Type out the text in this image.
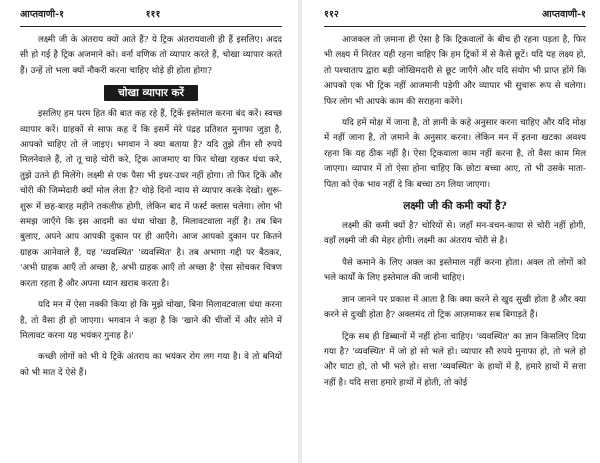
आप्तवाणी-१	१११

लक्ष्मी जी के अंतराय क्यों आते हैं? ये ट्रिक अंतरायवाली ही हैं इसलिए। अदद सी हो गई है ट्रिक अजमाने को। वर्ना वणिक तो व्यापार करते हैं, चोखा व्यापार करते हैं। उन्हें तो भला क्यों नौकरी करना चाहिए थोड़े ही होता होगा?

चोखा व्यापार करें

इसलिए हम परम हित की बात कह रहे हैं, ट्रिकें इस्तेमाल करना बंद करें। स्वच्छ व्यापार करें। ग्राहकों से साफ कह दें कि इसमें मेरे पंद्रह प्रतिशत मुनाफा जुड़ा है, आपको चाहिए तो ले जाइए। भगवान ने क्या बताया है? यदि तुझे तीन सौ रुपये मिलनेवाले हैं, तो तू चाहे चोरी करे, ट्रिक आजमाए या फिर चोखा रहकर धंधा करे, तुझे उतने ही मिलेंगे। लक्ष्मी से एक पैसा भी इधर-उधर नहीं होगा। तो फिर ट्रिकें और चोरी की जिम्मेदारी क्यों मोल लेता है? थोड़े दिनों न्याय से व्यापार करके देखो। शुरू-शुरू में छह-बारह महीने तकलीफ होगी, लेकिन बाद में फर्स्ट क्लास चलेगा। लोग भी समझ जाएँगे कि इस आदमी का धंधा चोखा है, मिलावटवाला नहीं है। तब बिन बुलाए, अपने आप आपकी दुकान पर ही आएँगे। आज आपको दुकान पर कितने ग्राहक आनेवाले हैं, यह 'व्यवस्थित' 'व्यवस्थित' है। तब अभागा गद्दी पर बैठकर, 'अभी ग्राहक आएँ तो अच्छा है, अभी ग्राहक आएँ तो अच्छा है' ऐसा सोचकर चित्रण करता रहता है और अपना ध्यान खराब करता है।

यदि मन में ऐसा नक्की किया हो कि मुझे चोखा, बिना मिलावटवाला धंधा करना है, तो वैसा ही हो जाएगा। भगवान ने कहा है कि 'खाने की चीजों में और सोने में मिलावट करना यह भयंकर गुनाह है।'

कच्छी लोगों को भी ये ट्रिकें अंतराय का भयंकर रोग लग गया है। वे तो बनियों को भी मात दें ऐसे हैं।

११२	आप्तवाणी-१

आजकल तो ज़माना ही ऐसा है कि ट्रिकवालों के बीच ही रहना पड़ता है, फिर भी लक्ष्य में निरंतर यही रहना चाहिए कि हम ट्रिकों में से कैसे छूटें। यदि यह लक्ष्य हो, तो पश्चाताप द्वारा बड़ी जोखिमदारी से छूट जाएँगे और यदि संयोग भी प्राप्त होंगे कि आपको एक भी ट्रिक नहीं आजमानी पड़ेगी और व्यापार भी सुचारू रूप से चलेगा। फिर लोग भी आपके काम की सराहना करेंगे।

यदि हमें मोक्ष में जाना है, तो ज्ञानी के कहे अनुसार करना चाहिए और यदि मोक्ष में नहीं जाना है, तो ज़माने के अनुसार करना। लेकिन मन में इतना खटका अवश्य रहना कि यह ठीक नहीं है। ऐसा ट्रिकवाला काम नहीं करना है, तो वैसा काम मिल जाएगा। व्यापार में तो ऐसा होना चाहिए कि छोटा बच्चा आए, तो भी उसके माता-पिता को ऐक भाव नहीं दे कि बच्चा ठग लिया जाएगा।

लक्ष्मी जी की कमी क्यों है?

लक्ष्मी की कमी क्यों है? चोरियों से। जहाँ मन-वचन-काया से चोरी नहीं होगी, वहाँ लक्ष्मी जी की मेहर होगी। लक्ष्मी का अंतराय चोरी से है।

पैसे कमाने के लिए अक्ल का इस्तेमाल नहीं करना होता। अक्ल तो लोगों को भले कार्यों के लिए इस्तेमाल की जानी चाहिए।

ज्ञान जानने पर प्रकाश में आता है कि क्या करने से खुद सुखी होता है और क्या करने से दुःखी होता है? अक्लमंद तो ट्रिक आज़माकर सब बिगाड़ते हैं।

ट्रिक सब ही डिब्बानों में नहीं होना चाहिए। 'व्यवस्थित' का ज्ञान किसलिए दिया गया है? 'व्यवस्थित' में जो हो सो भले हो। व्यापार सौ रुपये मुनाफा हो, तो भले हो और घाटा हो, तो भी भले हो। सत्ता 'व्यवस्थित' के हाथों में है, हमारे हाथों में सत्ता नहीं है। यदि सत्ता हमारे हाथों में होती, तो कोई
